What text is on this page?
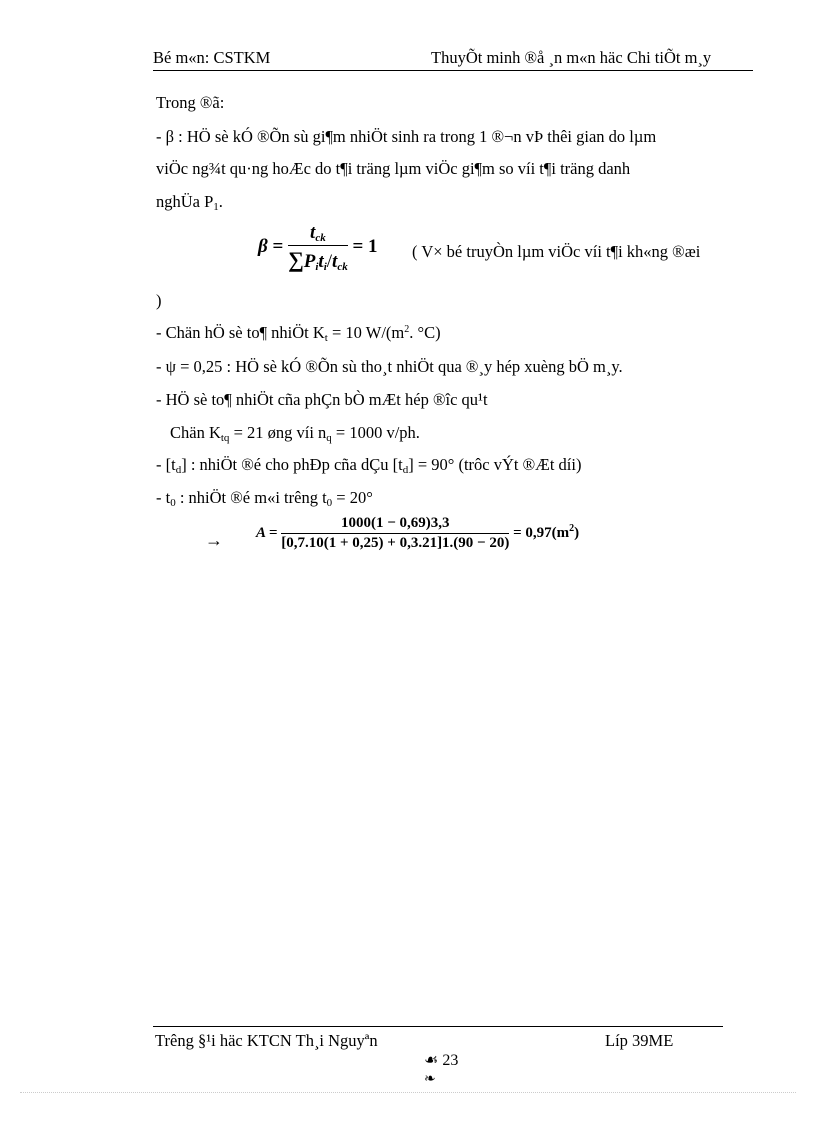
Bé m«n: CSTKM	ThuyÕt minh ®å ¸n m«n häc Chi tiÕt m¸y
Trong ®ã:
- β : HÖ sè kÓ ®Õn sù gi¶m nhiÖt sinh ra trong 1 ®¬n vÞ thêi gian do lµm
viÖc ng¾t qu·ng hoÆc do t¶i träng lµm viÖc gi¶m so víi t¶i träng danh
nghÜa $P_1$.
$\beta = \frac{t_{ck}}{\sum P_it_i/t_{ck}} = 1$ ( V× bé truyÒn lµm viÖc víi t¶i kh«ng ®æi
)
- Chän hÖ sè to¶ nhiÖt $K_t = 10$ $W/(m^2$. °C)
- ψ = 0,25 : HÖ sè kÓ ®Õn sù tho¸t nhiÖt qua ®¸y hép xuèng bÖ m¸y.
- HÖ sè to¶ nhiÖt cña phÇn bÒ mÆt hép ®îc qu¹t
Chän $K_{tq} = 21$ øng víi $n_q = 1000$ v/ph.
- $[t_d]$ : nhiÖt ®é cho phÐp cña dÇu $[t_d] = 90^\circ$ (trôc vÝt ®Æt díi)
- $t_0$ : nhiÖt ®é m«i trêng $t_0 = 20^\circ$
→ $A = \frac{1000(1 - 0,69)3,3}{[0,7.10(1 + 0,25) + 0,3.21]1.(90 - 20)} = 0,97(m^2)$
Trêng §¹i häc KTCN Th¸i Nguyªn	Líp 39ME
☙ 23
❧
